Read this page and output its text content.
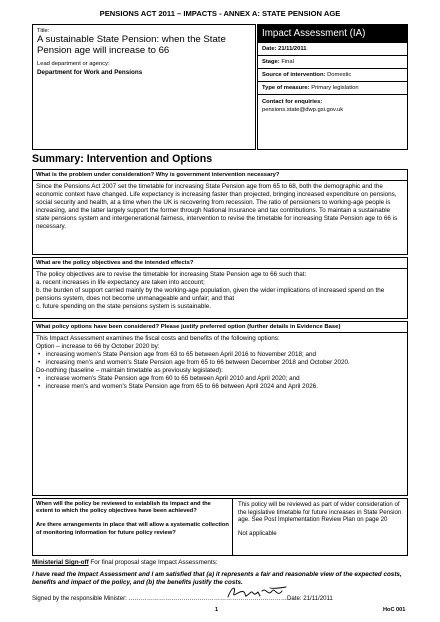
PENSIONS ACT 2011 – IMPACTS - ANNEX A: STATE PENSION AGE
Title:
A sustainable State Pension: when the State Pension age will increase to 66
Lead department or agency:
Department for Work and Pensions
Impact Assessment (IA)
Date: 21/11/2011
Stage: Final
Source of intervention: Domestic
Type of measure: Primary legislation
Contact for enquiries:
pensions.state@dwp.gsi.gov.uk
Summary: Intervention and Options
What is the problem under consideration? Why is government intervention necessary?

Since the Pensions Act 2007 set the timetable for increasing State Pension age from 65 to 68, both the demographic and the economic context have changed. Life expectancy is increasing faster than projected, bringing increased expenditure on pensions, social security and health, at a time when the UK is recovering from recession. The ratio of pensioners to working-age people is increasing, and the latter largely support the former through National Insurance and tax contributions. To maintain a sustainable state pensions system and intergenerational fairness, intervention to revise the timetable for increasing State Pension age to 66 is necessary.

What are the policy objectives and the intended effects?

The policy objectives are to revise the timetable for increasing State Pension age to 66 such that:

a. recent increases in life expectancy are taken into account;

b. the burden of support carried mainly by the working-age population, given the wider implications of increased spend on the pensions system, does not become unmanageable and unfair; and that

c. future spending on the state pensions system is sustainable.

What policy options have been considered? Please justify preferred option (further details in Evidence Base)

This Impact Assessment examines the fiscal costs and benefits of the following options:

Option – increase to 66 by October 2020 by:

• increasing women's State Pension age from 63 to 65 between April 2016 to November 2018; and
• increasing men's and women's State Pension age from 65 to 66 between December 2018 and October 2020.

Do-nothing (baseline – maintain timetable as previously legislated):

• increase women's State Pension age from 60 to 65 between April 2010 and April 2020; and
• increase men's and women's State Pension age from 65 to 66 between April 2024 and April 2026.
When will the policy be reviewed to establish its impact and the extent to which the policy objectives have been achieved?
Are there arrangements in place that will allow a systematic collection of monitoring information for future policy review?
This policy will be reviewed as part of wider consideration of the legislative timetable for future increases in State Pension age. See Post Implementation Review Plan on page 20
Not applicable
Ministerial Sign-off For final proposal stage Impact Assessments:
I have read the Impact Assessment and I am satisfied that (a) it represents a fair and reasonable view of the expected costs, benefits and impact of the policy, and (b) the benefits justify the costs.
Signed by the responsible Minister: ……………………………………………………………………Date: 21/11/2011
1	HoC 001
